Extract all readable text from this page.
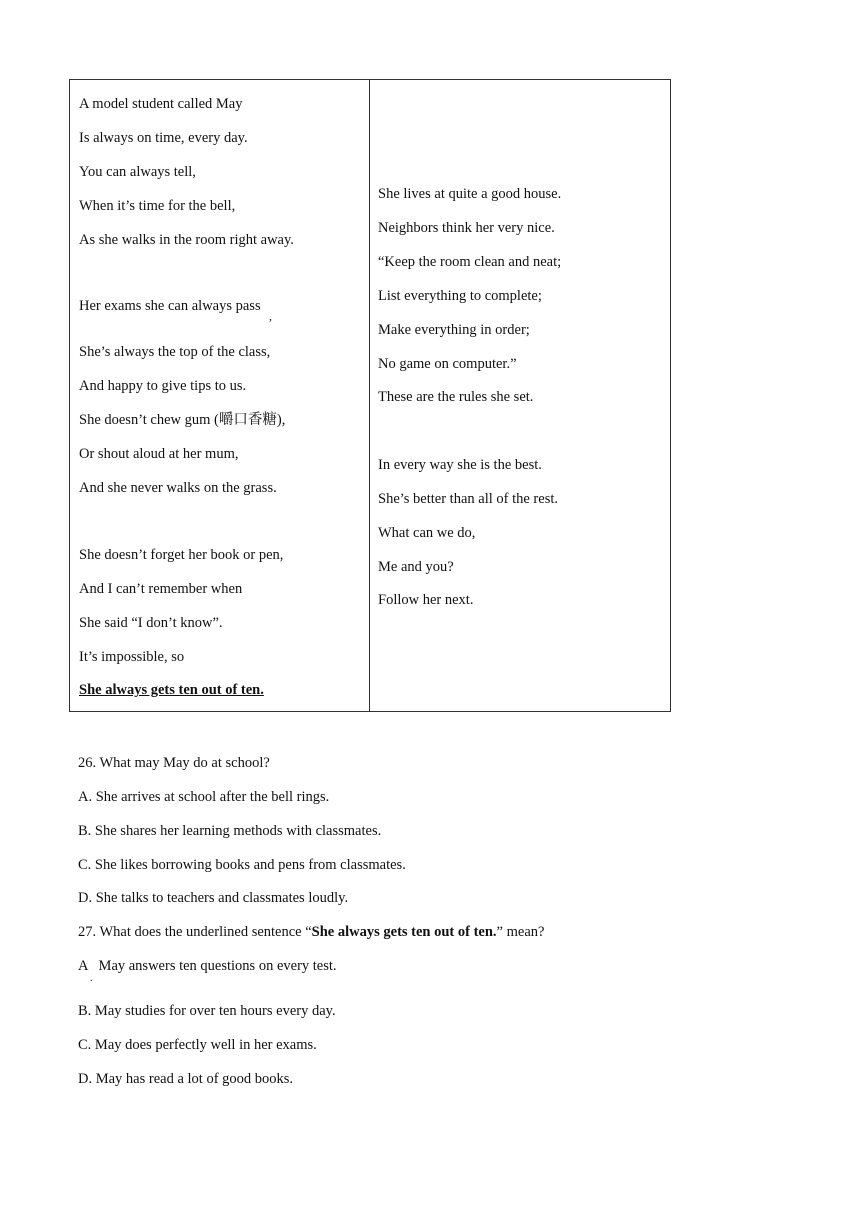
A model student called May
Is always on time, every day.
You can always tell,
When it’s time for the bell,
As she walks in the room right away.
Her exams she can always pass
,
She’s always the top of the class,
And happy to give tips to us.
She doesn’t chew gum (嚼口香糖),
Or shout aloud at her mum,
And she never walks on the grass.
She doesn’t forget her book or pen,
And I can’t remember when
She said “I don’t know”.
It’s impossible, so
She always gets ten out of ten.
She lives at quite a good house.
Neighbors think her very nice.
“Keep the room clean and neat;
List everything to complete;
Make everything in order;
No game on computer.”
These are the rules she set.
In every way she is the best.
She’s better than all of the rest.
What can we do,
Me and you?
Follow her next.
26. What may May do at school?
A. She arrives at school after the bell rings.
B. She shares her learning methods with classmates.
C. She likes borrowing books and pens from classmates.
D. She talks to teachers and classmates loudly.
27. What does the underlined sentence “She always gets ten out of ten.” mean?
A   May answers ten questions on every test.
.
B. May studies for over ten hours every day.
C. May does perfectly well in her exams.
D. May has read a lot of good books.
